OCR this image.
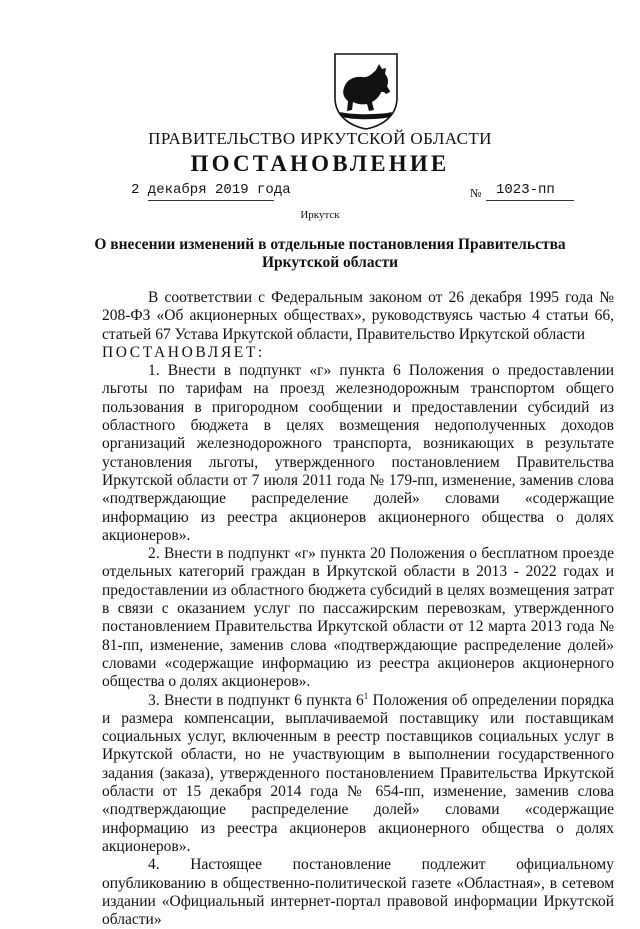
ПРАВИТЕЛЬСТВО ИРКУТСКОЙ ОБЛАСТИ
ПОСТАНОВЛЕНИЕ
2 декабря 2019 года	№ 1023-пп
Иркутск
О внесении изменений в отдельные постановления Правительства
Иркутской области

В соответствии с Федеральным законом от 26 декабря 1995 года № 208-ФЗ «Об акционерных обществах», руководствуясь частью 4 статьи 66, статьей 67 Устава Иркутской области, Правительство Иркутской области
ПОСТАНОВЛЯЕТ:

1. Внести в подпункт «г» пункта 6 Положения о предоставлении льготы по тарифам на проезд железнодорожным транспортом общего пользования в пригородном сообщении и предоставлении субсидий из областного бюджета в целях возмещения недополученных доходов организаций железнодорожного транспорта, возникающих в результате установления льготы, утвержденного постановлением Правительства Иркутской области от 7 июля 2011 года № 179-пп, изменение, заменив слова «подтверждающие распределение долей» словами «содержащие информацию из реестра акционеров акционерного общества о долях акционеров».

2. Внести в подпункт «г» пункта 20 Положения о бесплатном проезде отдельных категорий граждан в Иркутской области в 2013 - 2022 годах и предоставлении из областного бюджета субсидий в целях возмещения затрат в связи с оказанием услуг по пассажирским перевозкам, утвержденного постановлением Правительства Иркутской области от 12 марта 2013 года № 81-пп, изменение, заменив слова «подтверждающие распределение долей» словами «содержащие информацию из реестра акционеров акционерного общества о долях акционеров».

3. Внести в подпункт 6 пункта $6^1$ Положения об определении порядка и размера компенсации, выплачиваемой поставщику или поставщикам социальных услуг, включенным в реестр поставщиков социальных услуг в Иркутской области, но не участвующим в выполнении государственного задания (заказа), утвержденного постановлением Правительства Иркутской области от 15 декабря 2014 года № 654-пп, изменение, заменив слова «подтверждающие распределение долей» словами «содержащие информацию из реестра акционеров акционерного общества о долях акционеров».

4. Настоящее постановление подлежит официальному опубликованию в общественно-политической газете «Областная», в сетевом издании «Официальный интернет-портал правовой информации Иркутской области»
